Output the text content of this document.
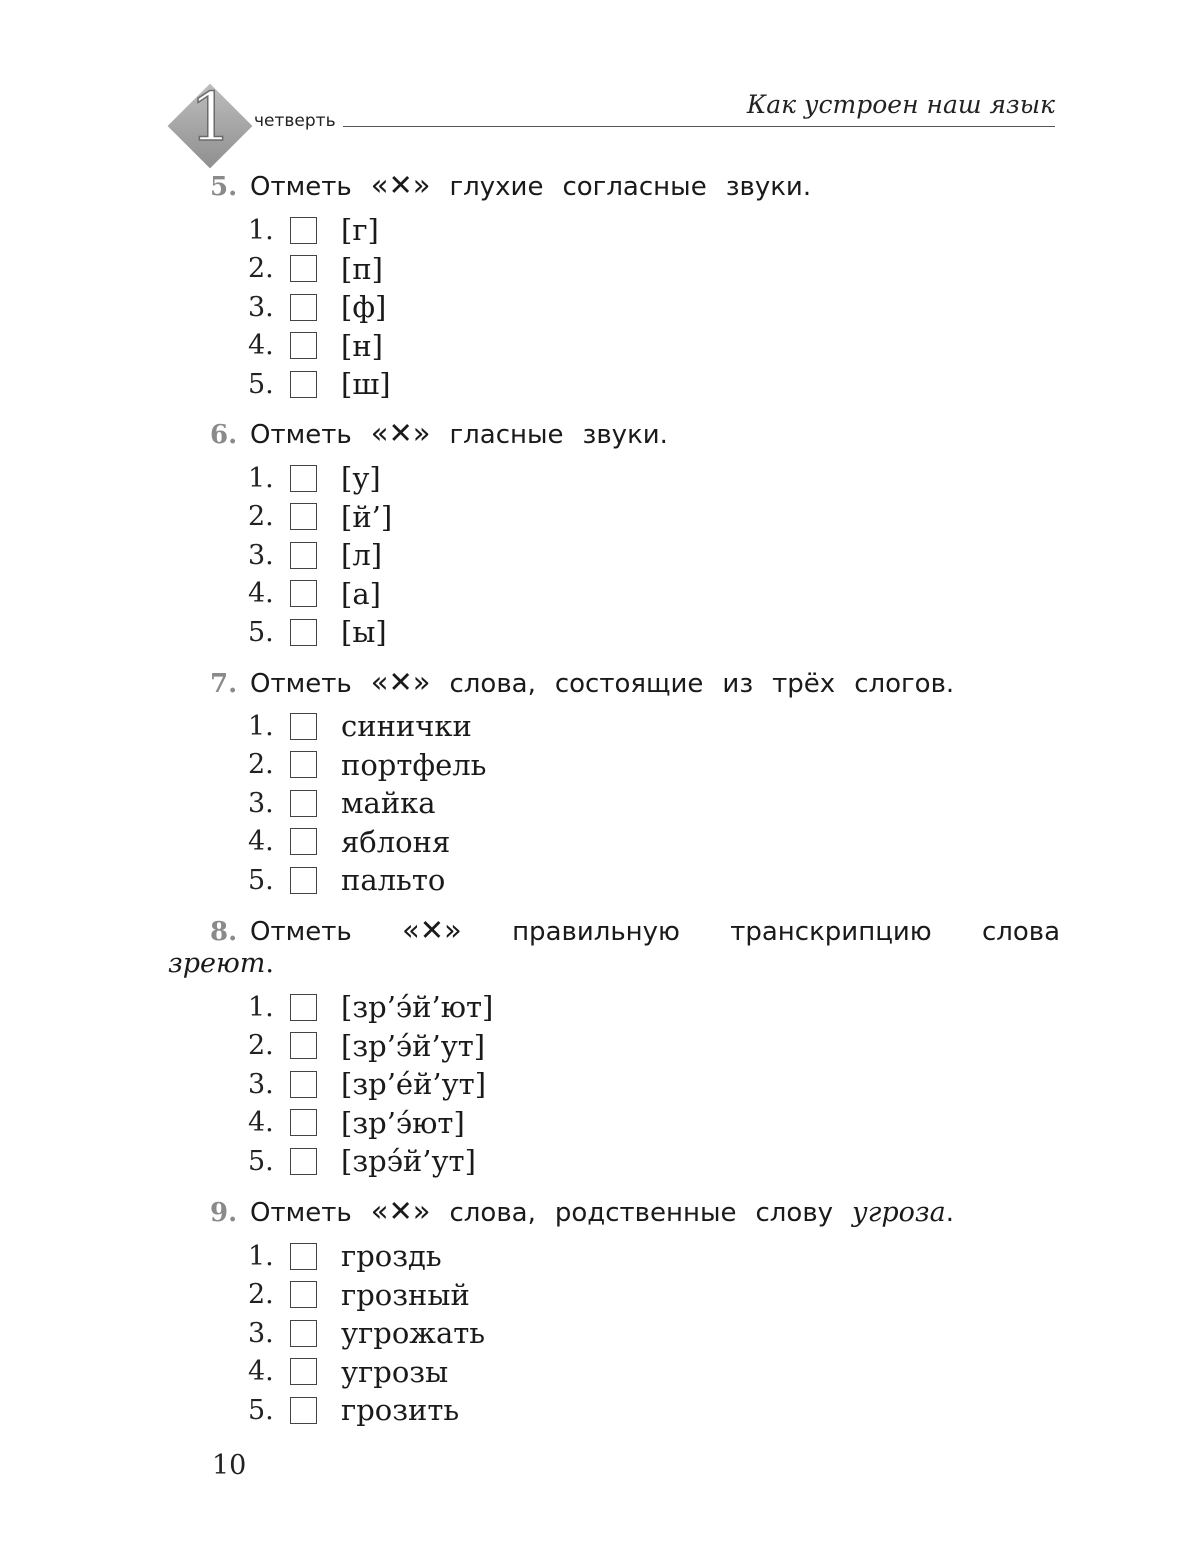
1 четверть
Как устроен наш язык
5. Отметь «✕» глухие согласные звуки.
1.	[г]
2.	[п]
3.	[ф]
4.	[н]
5.	[ш]
6. Отметь «✕» гласные звуки.
1.	[у]
2.	[й’]
3.	[л]
4.	[а]
5.	[ы]
7. Отметь «✕» слова, состоящие из трёх слогов.
1.	синички
2.	портфель
3.	майка
4.	яблоня
5.	пальто
8. Отметь «✕» правильную транскрипцию слова
зреют.
1.	[зр’э́й’ют]
2.	[зр’э́й’ут]
3.	[зр’е́й’ут]
4.	[зр’э́ют]
5.	[зрэ́й’ут]
9. Отметь «✕» слова, родственные слову угроза.
1.	гроздь
2.	грозный
3.	угрожать
4.	угрозы
5.	грозить
10
